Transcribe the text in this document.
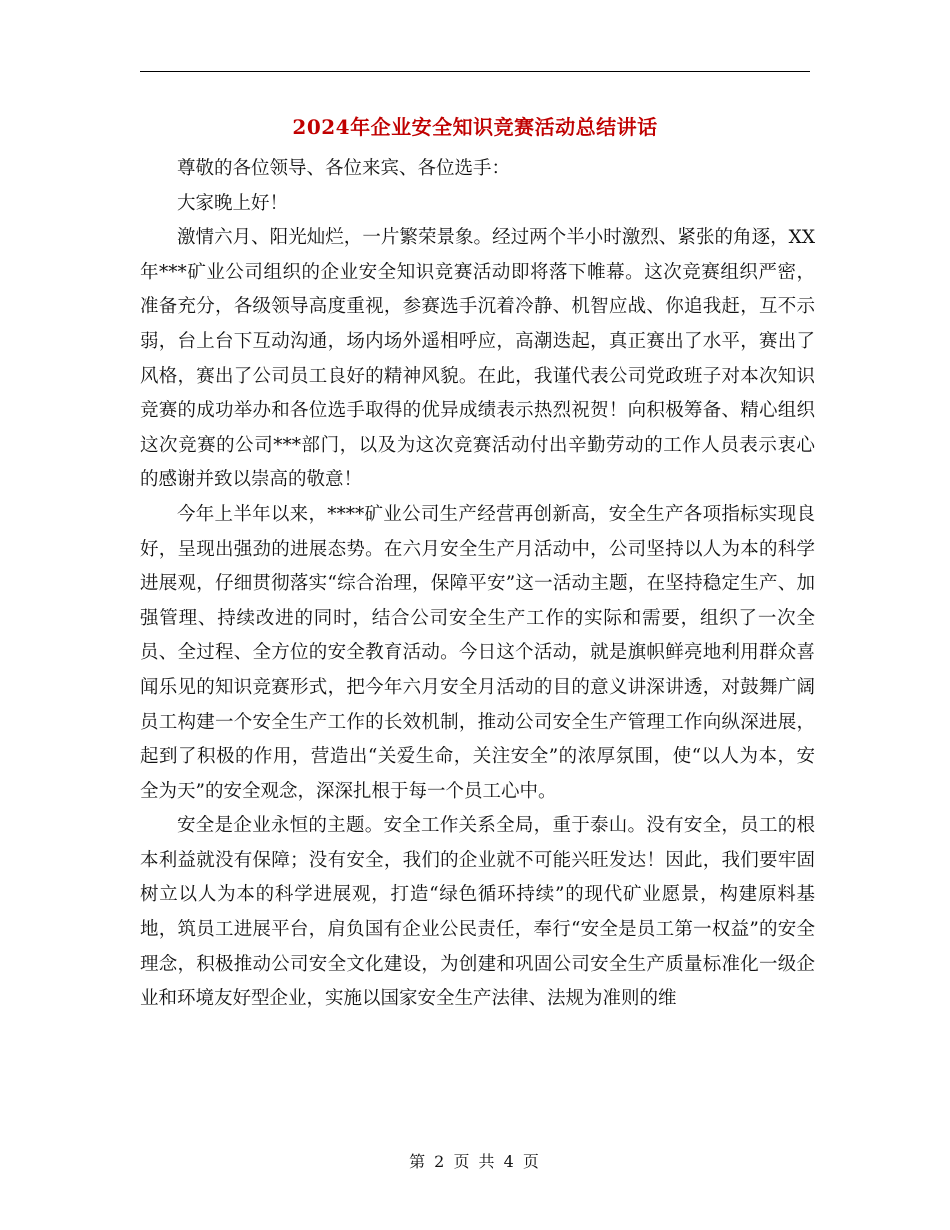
2024年企业安全知识竞赛活动总结讲话

尊敬的各位领导、各位来宾、各位选手：

大家晚上好！

激情六月、阳光灿烂，一片繁荣景象。经过两个半小时激烈、紧张的角逐，XX年***矿业公司组织的企业安全知识竞赛活动即将落下帷幕。这次竞赛组织严密，准备充分，各级领导高度重视，参赛选手沉着冷静、机智应战、你追我赶，互不示弱，台上台下互动沟通，场内场外遥相呼应，高潮迭起，真正赛出了水平，赛出了风格，赛出了公司员工良好的精神风貌。在此，我谨代表公司党政班子对本次知识竞赛的成功举办和各位选手取得的优异成绩表示热烈祝贺！向积极筹备、精心组织这次竞赛的公司***部门，以及为这次竞赛活动付出辛勤劳动的工作人员表示衷心的感谢并致以崇高的敬意！

今年上半年以来，****矿业公司生产经营再创新高，安全生产各项指标实现良好，呈现出强劲的进展态势。在六月安全生产月活动中，公司坚持以人为本的科学进展观，仔细贯彻落实“综合治理，保障平安”这一活动主题，在坚持稳定生产、加强管理、持续改进的同时，结合公司安全生产工作的实际和需要，组织了一次全员、全过程、全方位的安全教育活动。今日这个活动，就是旗帜鲜亮地利用群众喜闻乐见的知识竞赛形式，把今年六月安全月活动的目的意义讲深讲透，对鼓舞广阔员工构建一个安全生产工作的长效机制，推动公司安全生产管理工作向纵深进展，起到了积极的作用，营造出“关爱生命，关注安全”的浓厚氛围，使“以人为本，安全为天”的安全观念，深深扎根于每一个员工心中。

安全是企业永恒的主题。安全工作关系全局，重于泰山。没有安全，员工的根本利益就没有保障；没有安全，我们的企业就不可能兴旺发达！因此，我们要牢固树立以人为本的科学进展观，打造“绿色循环持续”的现代矿业愿景，构建原料基地，筑员工进展平台，肩负国有企业公民责任，奉行“安全是员工第一权益”的安全理念，积极推动公司安全文化建设，为创建和巩固公司安全生产质量标准化一级企业和环境友好型企业，实施以国家安全生产法律、法规为准则的维

第 2 页 共 4 页
